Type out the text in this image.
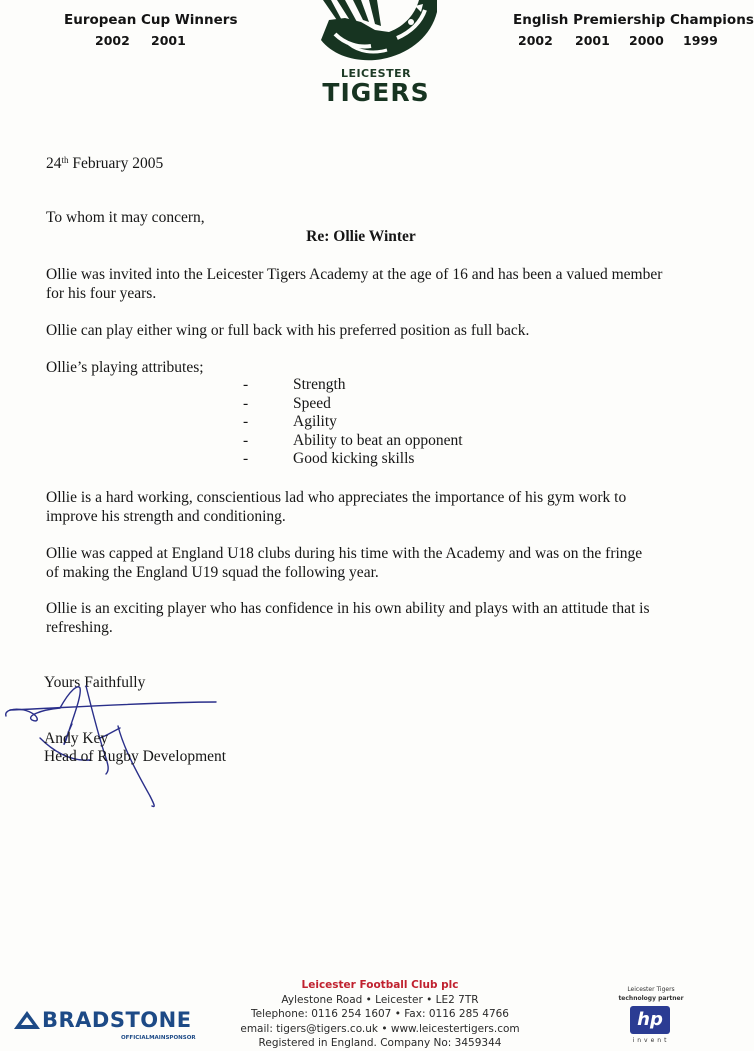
European Cup Winners
2002 2001
English Premiership Champions
2002 2001 2000 1999
LEICESTER
TIGERS
24th February 2005
To whom it may concern,
Re: Ollie Winter
Ollie was invited into the Leicester Tigers Academy at the age of 16 and has been a valued member for his four years.
Ollie can play either wing or full back with his preferred position as full back.
Ollie’s playing attributes;
-	Strength
-	Speed
-	Agility
-	Ability to beat an opponent
-	Good kicking skills
Ollie is a hard working, conscientious lad who appreciates the importance of his gym work to improve his strength and conditioning.
Ollie was capped at England U18 clubs during his time with the Academy and was on the fringe of making the England U19 squad the following year.
Ollie is an exciting player who has confidence in his own ability and plays with an attitude that is refreshing.
Yours Faithfully
Andy Key
Head of Rugby Development
Leicester Football Club plc
Aylestone Road • Leicester • LE2 7TR
Telephone: 0116 254 1607 • Fax: 0116 285 4766
email: tigers@tigers.co.uk • www.leicestertigers.com
Registered in England. Company No: 3459344
BRADSTONE
OFFICIALMAINSPONSOR
Leicester Tigers
technology partner
hp
invent
